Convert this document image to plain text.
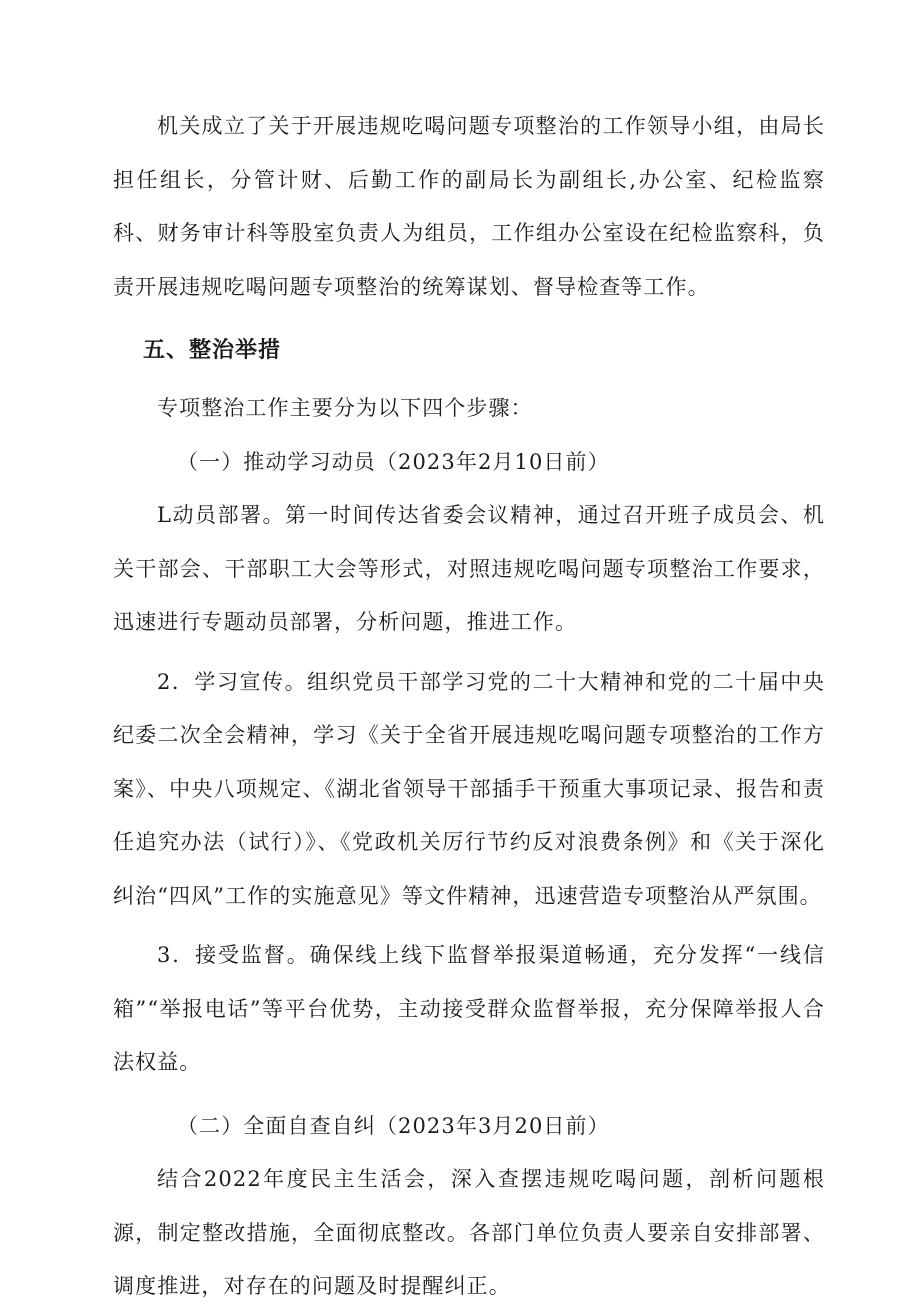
机关成立了关于开展违规吃喝问题专项整治的工作领导小组，由局长担任组长，分管计财、后勤工作的副局长为副组长,办公室、纪检监察科、财务审计科等股室负责人为组员，工作组办公室设在纪检监察科，负责开展违规吃喝问题专项整治的统筹谋划、督导检查等工作。

五、整治举措

专项整治工作主要分为以下四个步骤：

（一）推动学习动员（2023年2月10日前）

L动员部署。第一时间传达省委会议精神，通过召开班子成员会、机关干部会、干部职工大会等形式，对照违规吃喝问题专项整治工作要求，迅速进行专题动员部署，分析问题，推进工作。

2．学习宣传。组织党员干部学习党的二十大精神和党的二十届中央纪委二次全会精神，学习《关于全省开展违规吃喝问题专项整治的工作方案》、中央八项规定、《湖北省领导干部插手干预重大事项记录、报告和责任追究办法（试行）》、《党政机关厉行节约反对浪费条例》和《关于深化纠治“四风”工作的实施意见》等文件精神，迅速营造专项整治从严氛围。

3．接受监督。确保线上线下监督举报渠道畅通，充分发挥“一线信箱”“举报电话”等平台优势，主动接受群众监督举报，充分保障举报人合法权益。

（二）全面自查自纠（2023年3月20日前）

结合2022年度民主生活会，深入查摆违规吃喝问题，剖析问题根源，制定整改措施，全面彻底整改。各部门单位负责人要亲自安排部署、调度推进，对存在的问题及时提醒纠正。
